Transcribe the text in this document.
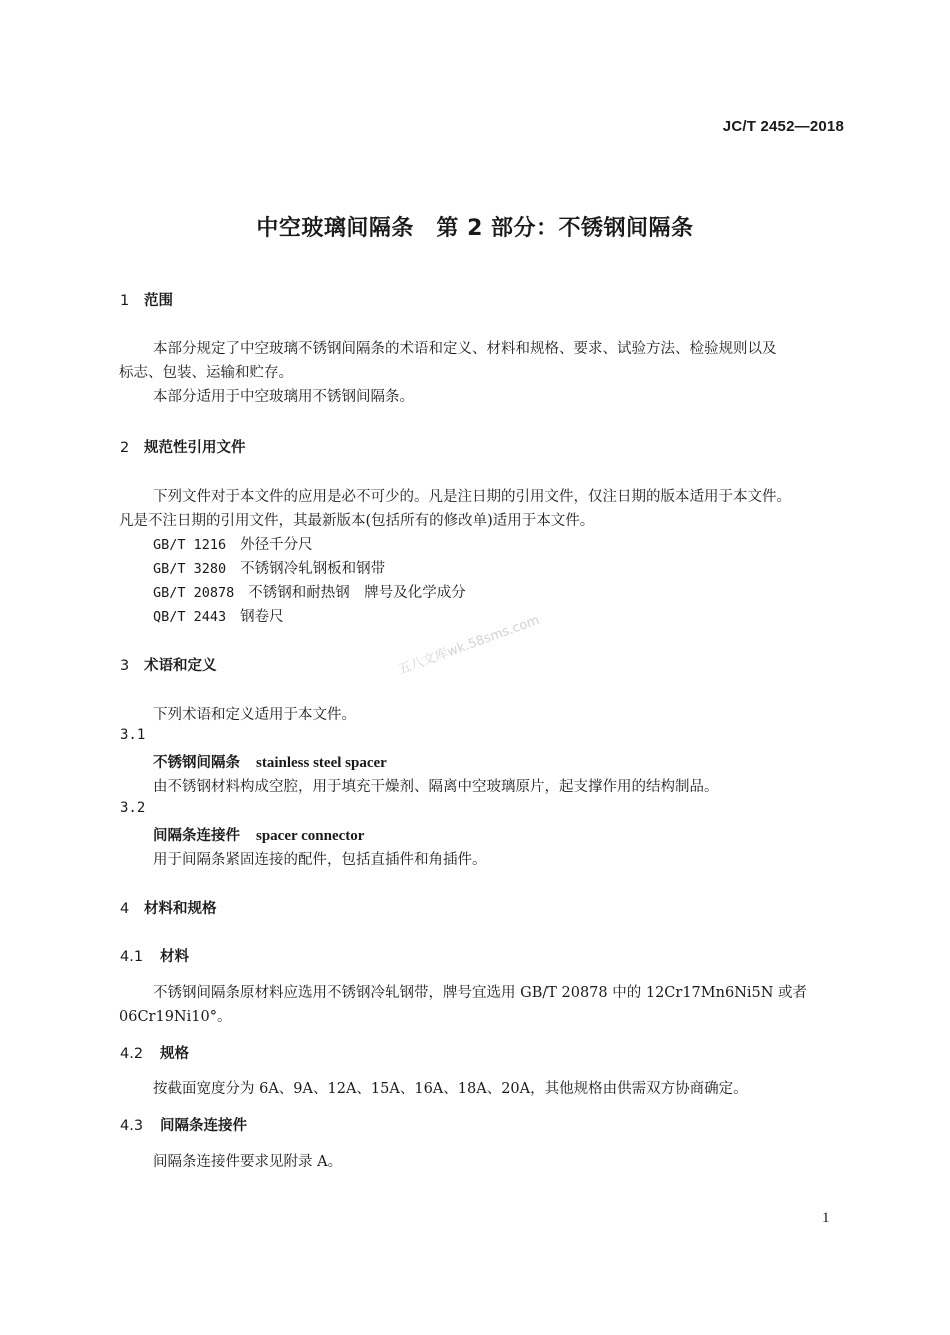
JC/T 2452—2018
中空玻璃间隔条　第 2 部分：不锈钢间隔条
1 范围
本部分规定了中空玻璃不锈钢间隔条的术语和定义、材料和规格、要求、试验方法、检验规则以及
标志、包装、运输和贮存。
本部分适用于中空玻璃用不锈钢间隔条。
2 规范性引用文件
下列文件对于本文件的应用是必不可少的。凡是注日期的引用文件，仅注日期的版本适用于本文件。
凡是不注日期的引用文件，其最新版本(包括所有的修改单)适用于本文件。
GB/T 1216 外径千分尺
GB/T 3280 不锈钢冷轧钢板和钢带
GB/T 20878 不锈钢和耐热钢　牌号及化学成分
QB/T 2443 钢卷尺	五八文库wk.58sms.com
3 术语和定义
下列术语和定义适用于本文件。
3.1
不锈钢间隔条 stainless steel spacer
由不锈钢材料构成空腔，用于填充干燥剂、隔离中空玻璃原片，起支撑作用的结构制品。
3.2
间隔条连接件 spacer connector
用于间隔条紧固连接的配件，包括直插件和角插件。
4 材料和规格
4.1 材料
不锈钢间隔条原材料应选用不锈钢冷轧钢带，牌号宜选用 GB/T 20878 中的 12Cr17Mn6Ni5N 或者
06Cr19Ni10°。
4.2 规格
按截面宽度分为 6A、9A、12A、15A、16A、18A、20A，其他规格由供需双方协商确定。
4.3 间隔条连接件
间隔条连接件要求见附录 A。
1
